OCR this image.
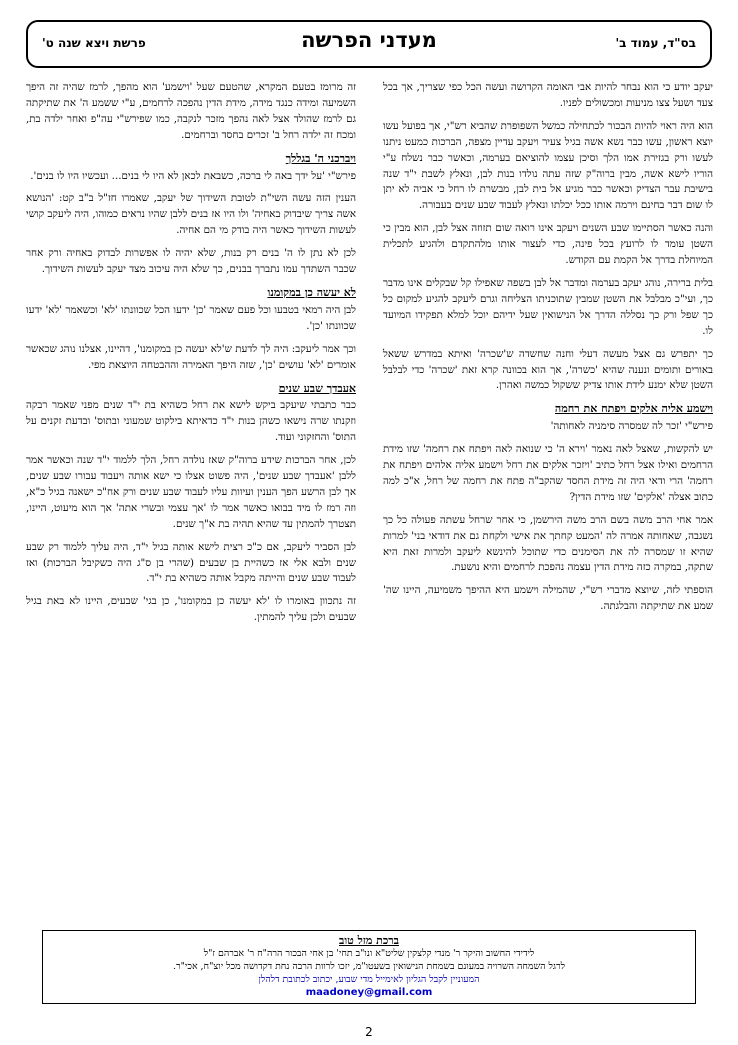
בס"ד, עמוד ב'
מעדני הפרשה
פרשת ויצא שנה ט'

יעקב יודע כי הוא נבחר להיות אבי האומה הקדושה ועשה הכל כפי שצריך, אך בכל צעד ושעל צצו מניעות ומכשולים לפניו.

הוא היה ראוי להיות הבכור לכתחילה כמשל השפופרת שהביא רש"י, אך בפועל עשו יוצא ראשון, עשו כבר נשא אשה בגיל צעיר ויעקב עדיין מצפה, הברכות כמעט ניתנו לעשו ורק בגזירת אמו הלך וסיכן עצמו להוציאם בערמה, וכאשר כבר נשלח ע"י הוריו לישא אשה, מבין ברוה"ק שזה עתה נולדו בנות לבן, ונאלץ לשבת י"ד שנה בישיבת עבר הצדיק וכאשר כבר מגיע אל בית לבן, מבשרת לו רחל כי אביה לא יתן לו שום דבר בחינם וירמה אותו ככל יכלתו ונאלץ לעבוד שבע שנים בעבורה.

והנה כאשר הסתיימו שבע השנים ויעקב אינו רואה שום תזוזה אצל לבן, הוא מבין כי השטן עומד לו לרועץ בכל פינה, כדי לעצור אותו מלהתקדם ולהגיע לתכלית המיוחלת בדרך אל הקמת עם הקודש.

בלית ברירה, נוהג יעקב בערמה ומדבר אל לבן בשפה שאפילו קל שבקלים אינו מדבר כך, ועי"כ מבלבל את השטן שמבין שתוכניתו הצליחה וגרם ליעקב להגיע למקום כל כך שפל ורק כך נסללה הדרך אל הנישואין שעל ידיהם יוכל למלא תפקידו המיועד לו.

כך יתפרש גם אצל מעשה דעלי וחנה שחשדה ש'שכרה' ואיתא במדרש ששאל באורים ותומים ונענה שהיא 'כשרה', אך הוא בכוונה קרא זאת 'שכרה' כדי לבלבל השטן שלא ימנע לידת אותו צדיק ששקול כמשה ואהרן.

וישמע אליה אלקים ויפתח את רחמה

פירש"י 'זכר לה שמסרה סימניה לאחותה'

יש להקשות, שאצל לאה נאמר 'וירא ה' כי שנואה לאה ויפתח את רחמה' שזו מידת הרחמים ואילו אצל רחל כתיב 'ויזכר אלקים את רחל וישמע אליה אלהים ויפתח את רחמה' הרי ודאי היה זה מידת החסד שהקב"ה פתח את רחמה של רחל, א"כ למה כתוב אצלה 'אלקים' שזו מידת הדין?

אמר אחי הרב משה בשם הרב משה הירשמן, כי אחר שרחל עשתה פעולה כל כך נשגבה, שאחותה אמרה לה 'המעט קחתך את אישי ולקחת גם את דודאי בני' למרות שהיא זו שמסרה לה את הסימנים כדי שתוכל להינשא ליעקב ולמרות זאת היא שתקה, במקרה כזה מידת הדין עצמה נהפכת לרחמים והיא נושעת.

הוספתי לזה, שיוצא מדברי רש"י, שהמילה וישמע היא ההיפך משמיעה, היינו שה' שמע את שתיקתה והבלגתה.

זה מרומז בטעם המקרא, שהטעם שעל 'וישמע' הוא מהפך, לרמז שהיה זה היפך השמיעה ומידה כנגד מידה, מידת הדין נהפכה לרחמים, ע"י ששמע ה' את שתיקתה גם לרמז שהולד אצל לאה נהפך מזכר לנקבה, כמו שפירש"י עה"פ ואחר ילדה בת, ומכח זה ילדה רחל ב' זכרים בחסד וברחמים.

ויברכני ה' בגללך

פירש"י 'על ידך באה לי ברכה, כשבאת לכאן לא היו לי בנים... ועכשיו היו לו בנים'.

הענין הזה עשה השי"ת לטובת השידוך של יעקב, שאמרו חז"ל ב"ב קט: 'הנושא אשה צריך שיבדוק באחיה' ולו היו אז בנים ללבן שהיו נראים כמוהו, היה ליעקב קושי לעשות השידוך כאשר היה בודק מי הם אחיה.

לכן לא נתן לו ה' בנים רק בנות, שלא יהיה לו אפשרות לבדוק באחיה ורק אחר שכבר השתדך עמו נתברך בבנים, כך שלא היה עיכוב מצד יעקב לעשות השידוך.

לא יעשה כן במקומנו

לבן היה רמאי בטבעו וכל פעם שאמר 'כן' ידעו הכל שכוונתו 'לא' וכשאמר 'לא' ידעו שכוונתו 'כן'.

וכך אמר ליעקב: היה לך לדעת ש'לא יעשה כן במקומנו', דהיינו, אצלנו נוהג שכאשר אומרים 'לא' עושים 'כן', שזה היפך האמירה וההבטחה היוצאת מפי.

אעבדך שבע שנים

כבר כתבתי שיעקב ביקש לישא את רחל כשהיא בת י"ד שנים מפני שאמר רבקה וזקנתו שרה נישאו כשהן בנות י"ד כדאיתא בילקוט שמעוני ובתוס' ובדעת זקנים על התוס' והחזקוני ועוד.

לכן, אחר הברכות שידע ברוה"ק שאז נולדה רחל, הלך ללמוד י"ד שנה וכאשר אמר ללבן 'אעבדך שבע שנים', היה פשוט אצלו כי ישא אותה ויעבוד עבורו שבע שנים, אך לבן הרשע הפך הענין ועיוות עליו לעבוד שבע שנים ורק אח"כ ישאנה בגיל כ"א, וזה רמז לו מיד בבואו כאשר אמר לו 'אך עצמי ובשרי אתה' אך הוא מיעוט, היינו, תצטרך להמתין עד שהיא תהיה בת א"ך שנים.

לבן הסביר ליעקב, אם כ"כ רצית לישא אותה בגיל י"ד, היה עליך ללמוד רק שבע שנים ולבא אלי אז כשהיית בן שבעים (שהרי בן ס"ג היה כשקיבל הברכות) ואז לעבוד שבע שנים והייתה מקבל אותה כשהיא בת י"ד.

זה נתכוון באומרו לו 'לא יעשה כן במקומנו', כן בגי' שבעים, היינו לא באת בגיל שבעים ולכן עליך להמתין.

ברכת מזל טוב
לידידי החשוב והיקר ר' מנדי קלצקין שליט"א ונו"ב תחי' בן אחי הבכור הרה"ח ר' אברהם ז"ל
לרגל השמחה השרויה במעונם בשמחת הנישואין בשעטו"מ, יזכו לרוות הרבה נחת דקדושה מכל יוצ"ח, אכי"ר.
המעוניין לקבל הגליון לאימייל מדי שבוע, יכתוב לכתובת דלהלן
maadoney@gmail.com
2
